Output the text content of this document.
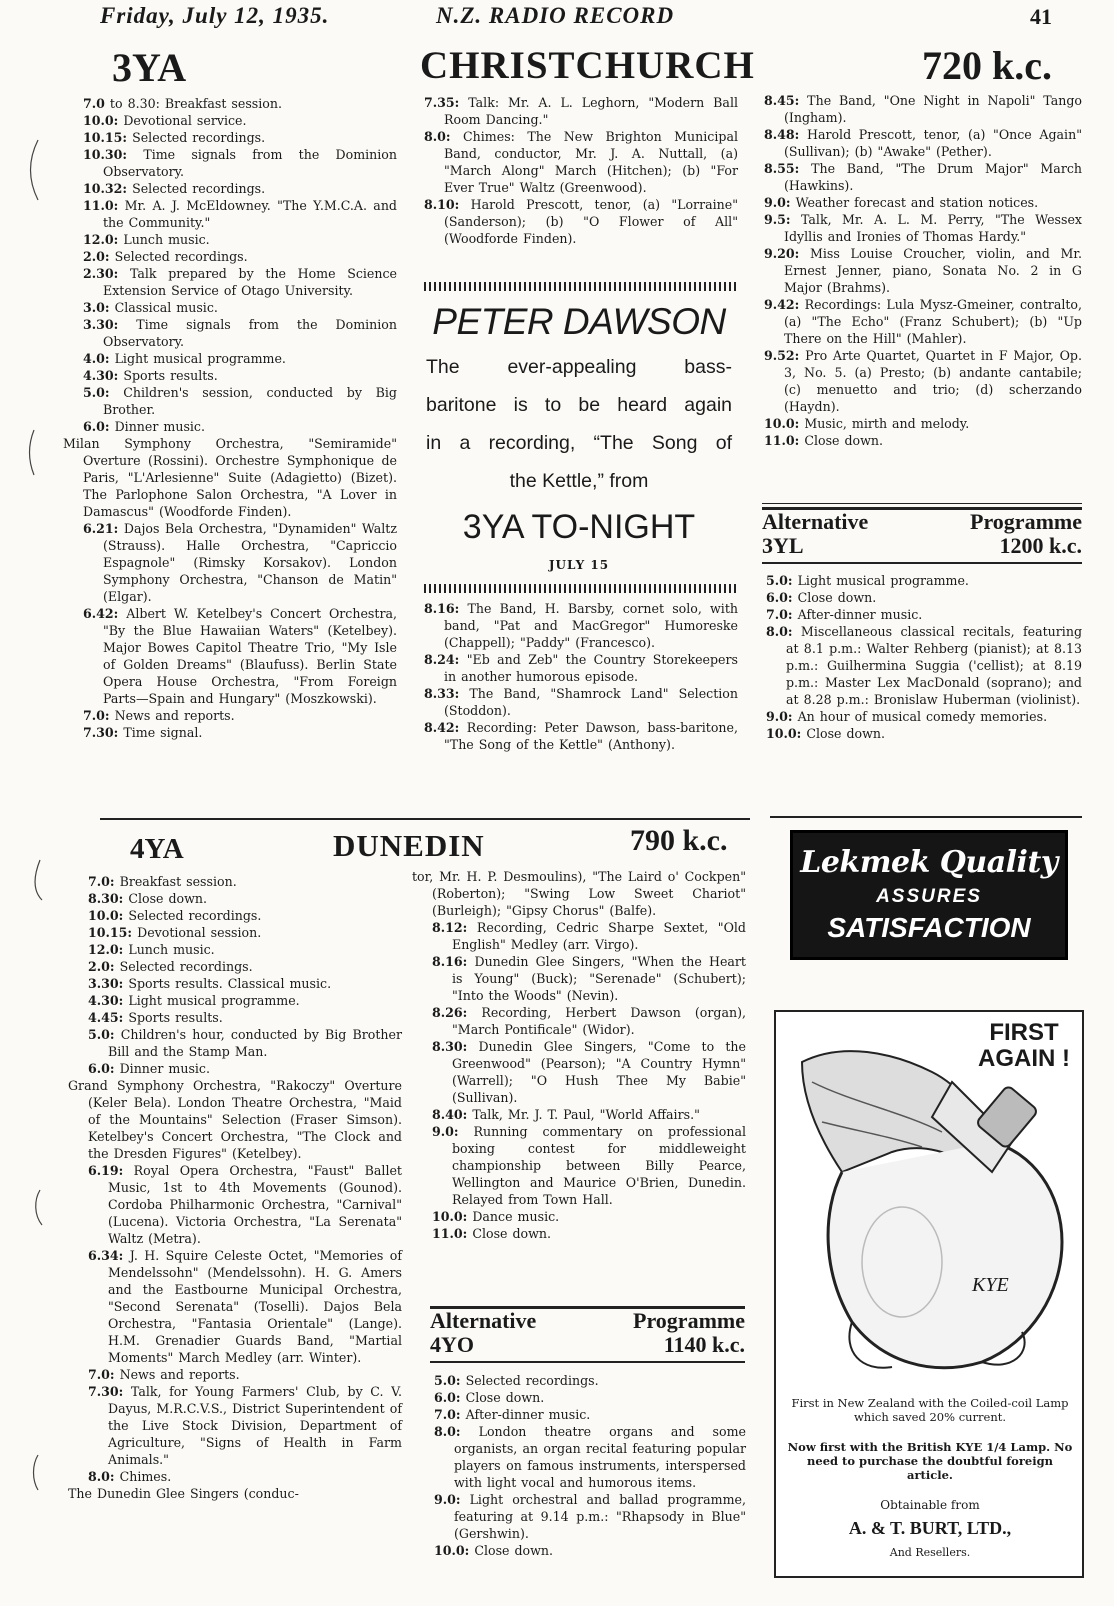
Friday, July 12, 1935.	N.Z. RADIO RECORD	41
3YA	CHRISTCHURCH	720 k.c.

7.0 to 8.30: Breakfast session.

10.0: Devotional service.

10.15: Selected recordings.

10.30: Time signals from the Dominion Observatory.

10.32: Selected recordings.

11.0: Mr. A. J. McEldowney. "The Y.M.C.A. and the Community."

12.0: Lunch music.

2.0: Selected recordings.

2.30: Talk prepared by the Home Science Extension Service of Otago University.

3.0: Classical music.

3.30: Time signals from the Dominion Observatory.

4.0: Light musical programme.

4.30: Sports results.

5.0: Children's session, conducted by Big Brother.

6.0: Dinner music.

Milan Symphony Orchestra, "Semiramide" Overture (Rossini). Orchestre Symphonique de Paris, "L'Arlesienne" Suite (Adagietto) (Bizet). The Parlophone Salon Orchestra, "A Lover in Damascus" (Woodforde Finden).

6.21: Dajos Bela Orchestra, "Dynamiden" Waltz (Strauss). Halle Orchestra, "Capriccio Espagnole" (Rimsky Korsakov). London Symphony Orchestra, "Chanson de Matin" (Elgar).

6.42: Albert W. Ketelbey's Concert Orchestra, "By the Blue Hawaiian Waters" (Ketelbey). Major Bowes Capitol Theatre Trio, "My Isle of Golden Dreams" (Blaufuss). Berlin State Opera House Orchestra, "From Foreign Parts—Spain and Hungary" (Moszkowski).

7.0: News and reports.

7.30: Time signal.

7.35: Talk: Mr. A. L. Leghorn, "Modern Ball Room Dancing."

8.0: Chimes: The New Brighton Municipal Band, conductor, Mr. J. A. Nuttall, (a) "March Along" March (Hitchen); (b) "For Ever True" Waltz (Greenwood).

8.10: Harold Prescott, tenor, (a) "Lorraine" (Sanderson); (b) "O Flower of All" (Woodforde Finden).

PETER DAWSON
The ever-appealing bass-
baritone is to be heard again
in a recording, “The Song of
the Kettle,” from
3YA TO-NIGHT
JULY 15

8.16: The Band, H. Barsby, cornet solo, with band, "Pat and MacGregor" Humoreske (Chappell); "Paddy" (Francesco).

8.24: "Eb and Zeb" the Country Storekeepers in another humorous episode.

8.33: The Band, "Shamrock Land" Selection (Stoddon).

8.42: Recording: Peter Dawson, bass-baritone, "The Song of the Kettle" (Anthony).

8.45: The Band, "One Night in Napoli" Tango (Ingham).

8.48: Harold Prescott, tenor, (a) "Once Again" (Sullivan); (b) "Awake" (Pether).

8.55: The Band, "The Drum Major" March (Hawkins).

9.0: Weather forecast and station notices.

9.5: Talk, Mr. A. L. M. Perry, "The Wessex Idyllis and Ironies of Thomas Hardy."

9.20: Miss Louise Croucher, violin, and Mr. Ernest Jenner, piano, Sonata No. 2 in G Major (Brahms).

9.42: Recordings: Lula Mysz-Gmeiner, contralto, (a) "The Echo" (Franz Schubert); (b) "Up There on the Hill" (Mahler).

9.52: Pro Arte Quartet, Quartet in F Major, Op. 3, No. 5. (a) Presto; (b) andante cantabile; (c) menuetto and trio; (d) scherzando (Haydn).

10.0: Music, mirth and melody.

11.0: Close down.

Alternative	Programme
3YL	1200 k.c.

5.0: Light musical programme.

6.0: Close down.

7.0: After-dinner music.

8.0: Miscellaneous classical recitals, featuring at 8.1 p.m.: Walter Rehberg (pianist); at 8.13 p.m.: Guilhermina Suggia ('cellist); at 8.19 p.m.: Master Lex MacDonald (soprano); and at 8.28 p.m.: Bronislaw Huberman (violinist).

9.0: An hour of musical comedy memories.

10.0: Close down.

4YA	DUNEDIN	790 k.c.

7.0: Breakfast session.

8.30: Close down.

10.0: Selected recordings.

10.15: Devotional session.

12.0: Lunch music.

2.0: Selected recordings.

3.30: Sports results. Classical music.

4.30: Light musical programme.

4.45: Sports results.

5.0: Children's hour, conducted by Big Brother Bill and the Stamp Man.

6.0: Dinner music.

Grand Symphony Orchestra, "Rakoczy" Overture (Keler Bela). London Theatre Orchestra, "Maid of the Mountains" Selection (Fraser Simson). Ketelbey's Concert Orchestra, "The Clock and the Dresden Figures" (Ketelbey).

6.19: Royal Opera Orchestra, "Faust" Ballet Music, 1st to 4th Movements (Gounod). Cordoba Philharmonic Orchestra, "Carnival" (Lucena). Victoria Orchestra, "La Serenata" Waltz (Metra).

6.34: J. H. Squire Celeste Octet, "Memories of Mendelssohn" (Mendelssohn). H. G. Amers and the Eastbourne Municipal Orchestra, "Second Serenata" (Toselli). Dajos Bela Orchestra, "Fantasia Orientale" (Lange). H.M. Grenadier Guards Band, "Martial Moments" March Medley (arr. Winter).

7.0: News and reports.

7.30: Talk, for Young Farmers' Club, by C. V. Dayus, M.R.C.V.S., District Superintendent of the Live Stock Division, Department of Agriculture, "Signs of Health in Farm Animals."

8.0: Chimes.

The Dunedin Glee Singers (conduc-

tor, Mr. H. P. Desmoulins), "The Laird o' Cockpen" (Roberton); "Swing Low Sweet Chariot" (Burleigh); "Gipsy Chorus" (Balfe).

8.12: Recording, Cedric Sharpe Sextet, "Old English" Medley (arr. Virgo).

8.16: Dunedin Glee Singers, "When the Heart is Young" (Buck); "Serenade" (Schubert); "Into the Woods" (Nevin).

8.26: Recording, Herbert Dawson (organ), "March Pontificale" (Widor).

8.30: Dunedin Glee Singers, "Come to the Greenwood" (Pearson); "A Country Hymn" (Warrell); "O Hush Thee My Babie" (Sullivan).

8.40: Talk, Mr. J. T. Paul, "World Affairs."

9.0: Running commentary on professional boxing contest for middleweight championship between Billy Pearce, Wellington and Maurice O'Brien, Dunedin. Relayed from Town Hall.

10.0: Dance music.

11.0: Close down.

Alternative	Programme
4YO	1140 k.c.

5.0: Selected recordings.

6.0: Close down.

7.0: After-dinner music.

8.0: London theatre organs and some organists, an organ recital featuring popular players on famous instruments, interspersed with light vocal and humorous items.

9.0: Light orchestral and ballad programme, featuring at 9.14 p.m.: "Rhapsody in Blue" (Gershwin).

10.0: Close down.

Lekmek Quality
ASSURES
SATISFACTION
FIRST
AGAIN !
KYE
First in New Zealand with the Coiled-coil Lamp which saved 20% current.
Now first with the British KYE 1/4 Lamp. No need to purchase the doubtful foreign article.
Obtainable from
A. & T. BURT, LTD.,
And Resellers.
